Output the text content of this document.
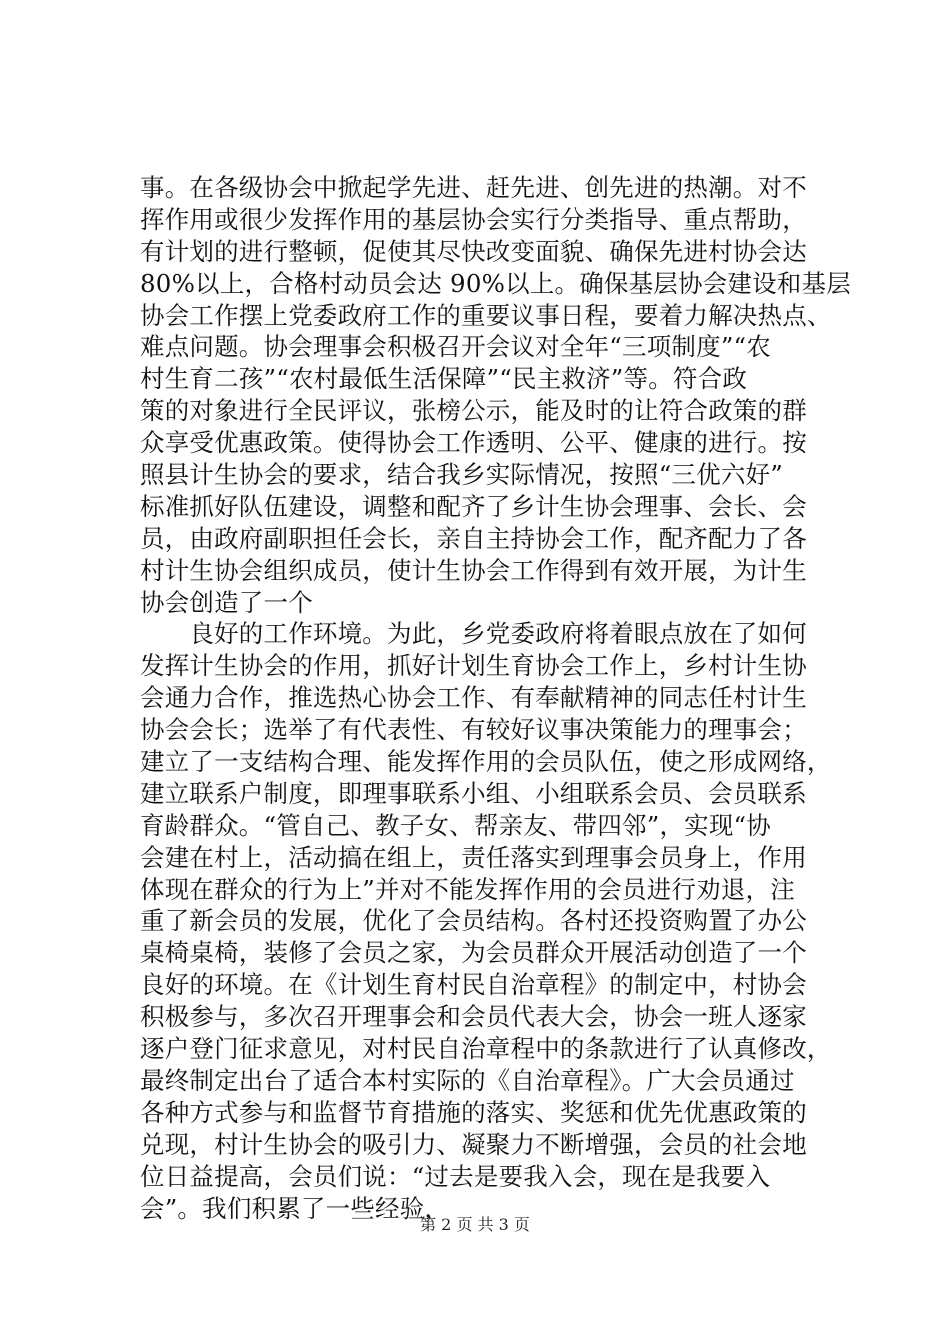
事。在各级协会中掀起学先进、赶先进、创先进的热潮。对不
挥作用或很少发挥作用的基层协会实行分类指导、重点帮助，
有计划的进行整顿，促使其尽快改变面貌、确保先进村协会达
80%以上，合格村动员会达 90%以上。确保基层协会建设和基层
协会工作摆上党委政府工作的重要议事日程，要着力解决热点、
难点问题。协会理事会积极召开会议对全年“三项制度”“农
村生育二孩”“农村最低生活保障”“民主救济”等。符合政
策的对象进行全民评议，张榜公示，能及时的让符合政策的群
众享受优惠政策。使得协会工作透明、公平、健康的进行。按
照县计生协会的要求，结合我乡实际情况，按照“三优六好”
标准抓好队伍建设，调整和配齐了乡计生协会理事、会长、会
员，由政府副职担任会长，亲自主持协会工作，配齐配力了各
村计生协会组织成员，使计生协会工作得到有效开展，为计生
协会创造了一个
　　良好的工作环境。为此，乡党委政府将着眼点放在了如何
发挥计生协会的作用，抓好计划生育协会工作上，乡村计生协
会通力合作，推选热心协会工作、有奉献精神的同志任村计生
协会会长；选举了有代表性、有较好议事决策能力的理事会；
建立了一支结构合理、能发挥作用的会员队伍，使之形成网络，
建立联系户制度，即理事联系小组、小组联系会员、会员联系
育龄群众。“管自己、教子女、帮亲友、带四邻”，实现“协
会建在村上，活动搞在组上，责任落实到理事会员身上，作用
体现在群众的行为上”并对不能发挥作用的会员进行劝退，注
重了新会员的发展，优化了会员结构。各村还投资购置了办公
桌椅桌椅，装修了会员之家，为会员群众开展活动创造了一个
良好的环境。在《计划生育村民自治章程》的制定中，村协会
积极参与，多次召开理事会和会员代表大会，协会一班人逐家
逐户登门征求意见，对村民自治章程中的条款进行了认真修改，
最终制定出台了适合本村实际的《自治章程》。广大会员通过
各种方式参与和监督节育措施的落实、奖惩和优先优惠政策的
兑现，村计生协会的吸引力、凝聚力不断增强，会员的社会地
位日益提高，会员们说：“过去是要我入会，现在是我要入
会”。我们积累了一些经验，
第 2 页 共 3 页
